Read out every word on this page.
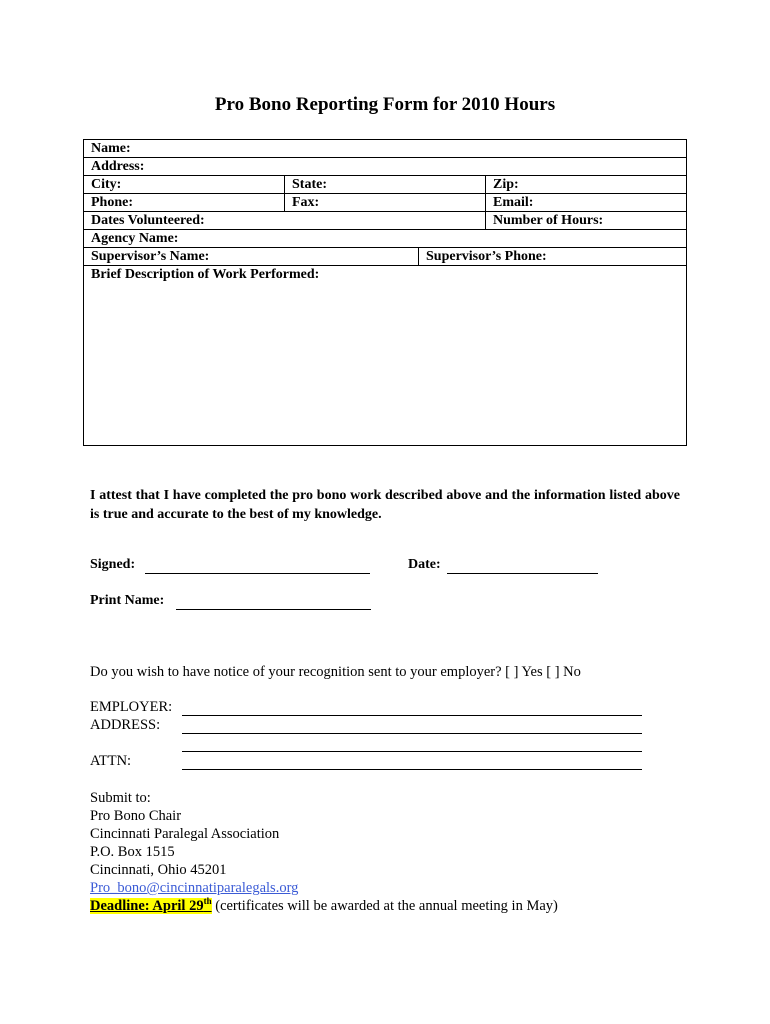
Pro Bono Reporting Form for 2010 Hours
Name:
Address:
City:	State:	Zip:
Phone:	Fax:	Email:
Dates Volunteered:	Number of Hours:
Agency Name:
Supervisor’s Name:	Supervisor’s Phone:
Brief Description of Work Performed:
I attest that I have completed the pro bono work described above and the information listed above is true and accurate to the best of my knowledge.
Signed:	Date:
Print Name:
Do you wish to have notice of your recognition sent to your employer? [ ] Yes [ ] No
EMPLOYER:
ADDRESS:
ATTN:
Submit to:
Pro Bono Chair
Cincinnati Paralegal Association
P.O. Box 1515
Cincinnati, Ohio 45201
Pro_bono@cincinnatiparalegals.org
Deadline: April 29th (certificates will be awarded at the annual meeting in May)
